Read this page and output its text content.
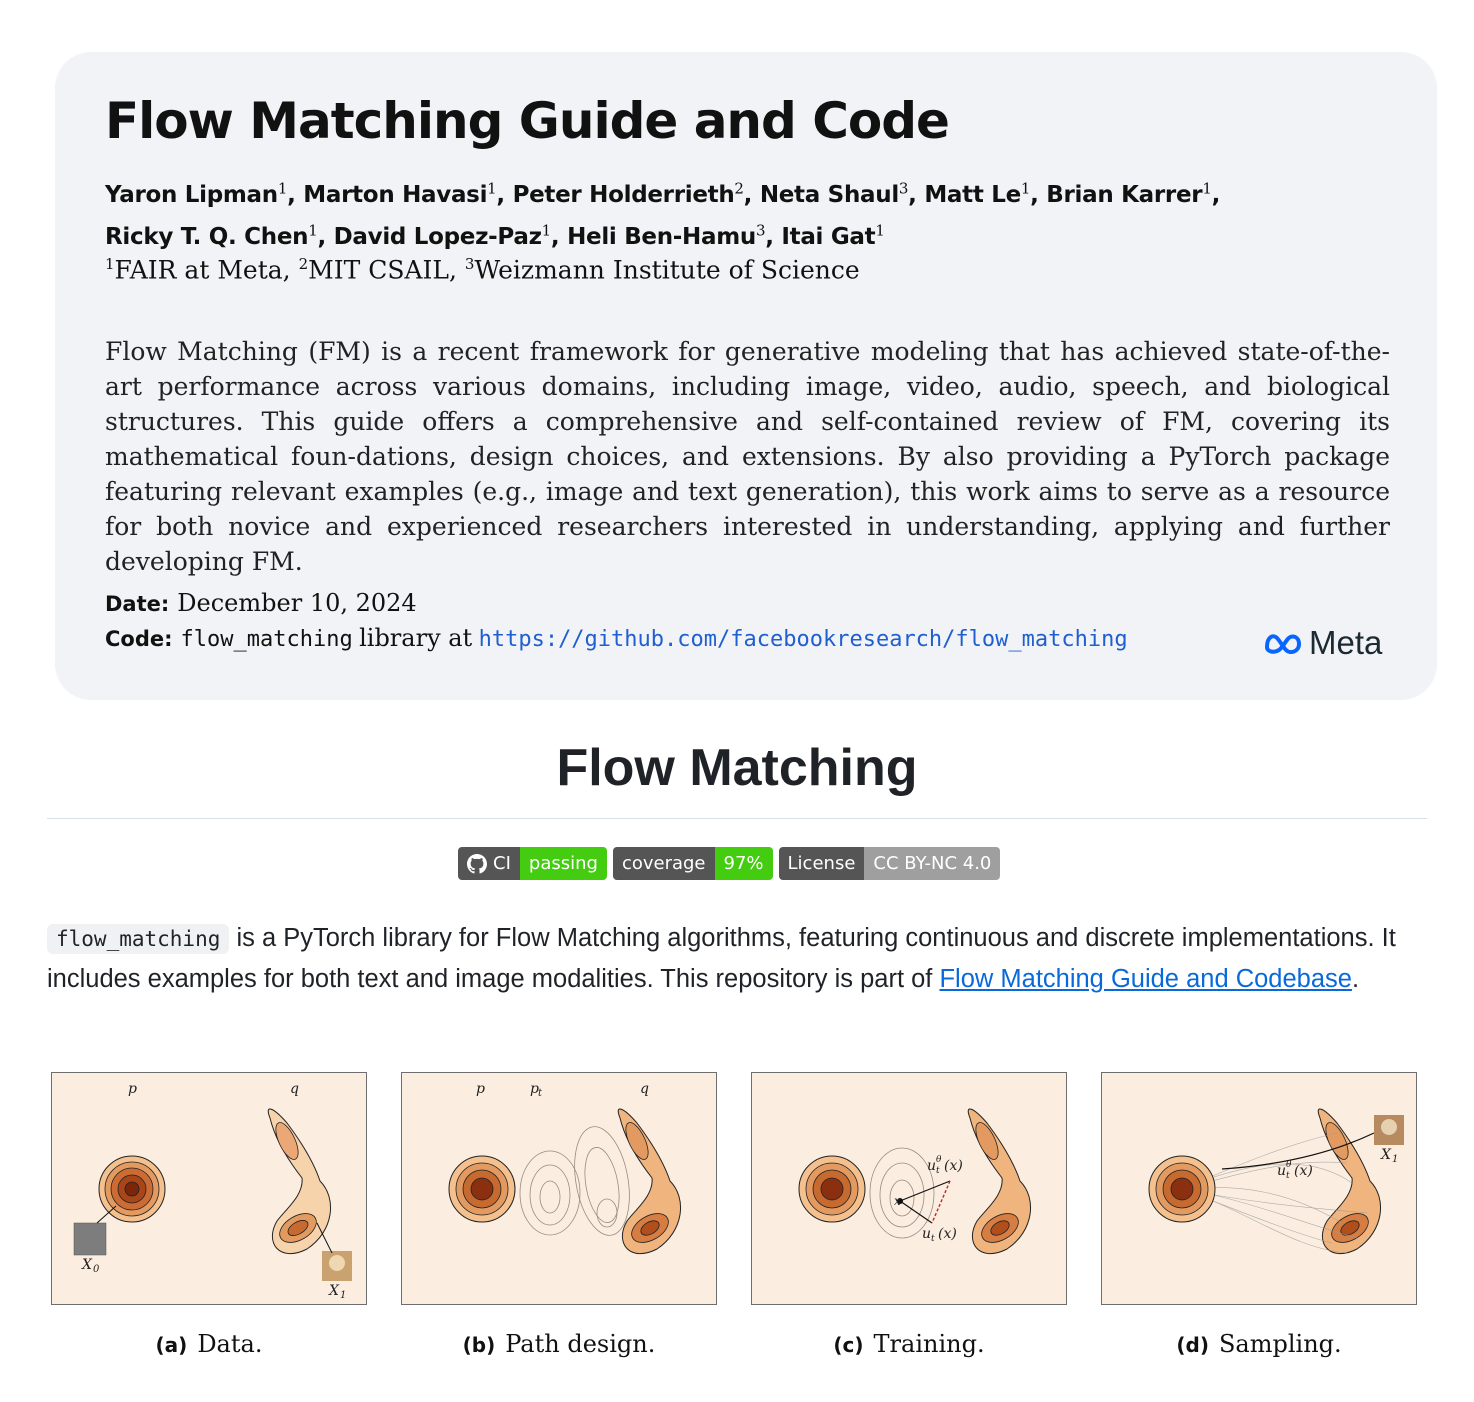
Flow Matching Guide and Code
Yaron Lipman$^1$, Marton Havasi$^1$, Peter Holderrieth$^2$, Neta Shaul$^3$, Matt Le$^1$, Brian Karrer$^1$,
Ricky T. Q. Chen$^1$, David Lopez-Paz$^1$, Heli Ben-Hamu$^3$, Itai Gat$^1$
$^1$FAIR at Meta, $^2$MIT CSAIL, $^3$Weizmann Institute of Science
Flow Matching (FM) is a recent framework for generative modeling that has achieved state-of-the-art performance across various domains, including image, video, audio, speech, and biological structures. This guide offers a comprehensive and self-contained review of FM, covering its mathematical foun-dations, design choices, and extensions. By also providing a PyTorch package featuring relevant examples (e.g., image and text generation), this work aims to serve as a resource for both novice and experienced researchers interested in understanding, applying and further developing FM.
Date: December 10, 2024
Code: flow_matching library at https://github.com/facebookresearch/flow_matching	Meta
Flow Matching
CI	passing	coverage	97%	License	CC BY-NC 4.0
flow_matching is a PyTorch library for Flow Matching algorithms, featuring continuous and discrete implementations. It includes examples for both text and image modalities. This repository is part of Flow Matching Guide and Codebase.
p	q
X 0
X 1
(a) Data.
p	p t	q
(b) Path design.
x
u θ
t (x)
u t (x)
(c) Training.
u θ
t (x)
X 1
(d) Sampling.
